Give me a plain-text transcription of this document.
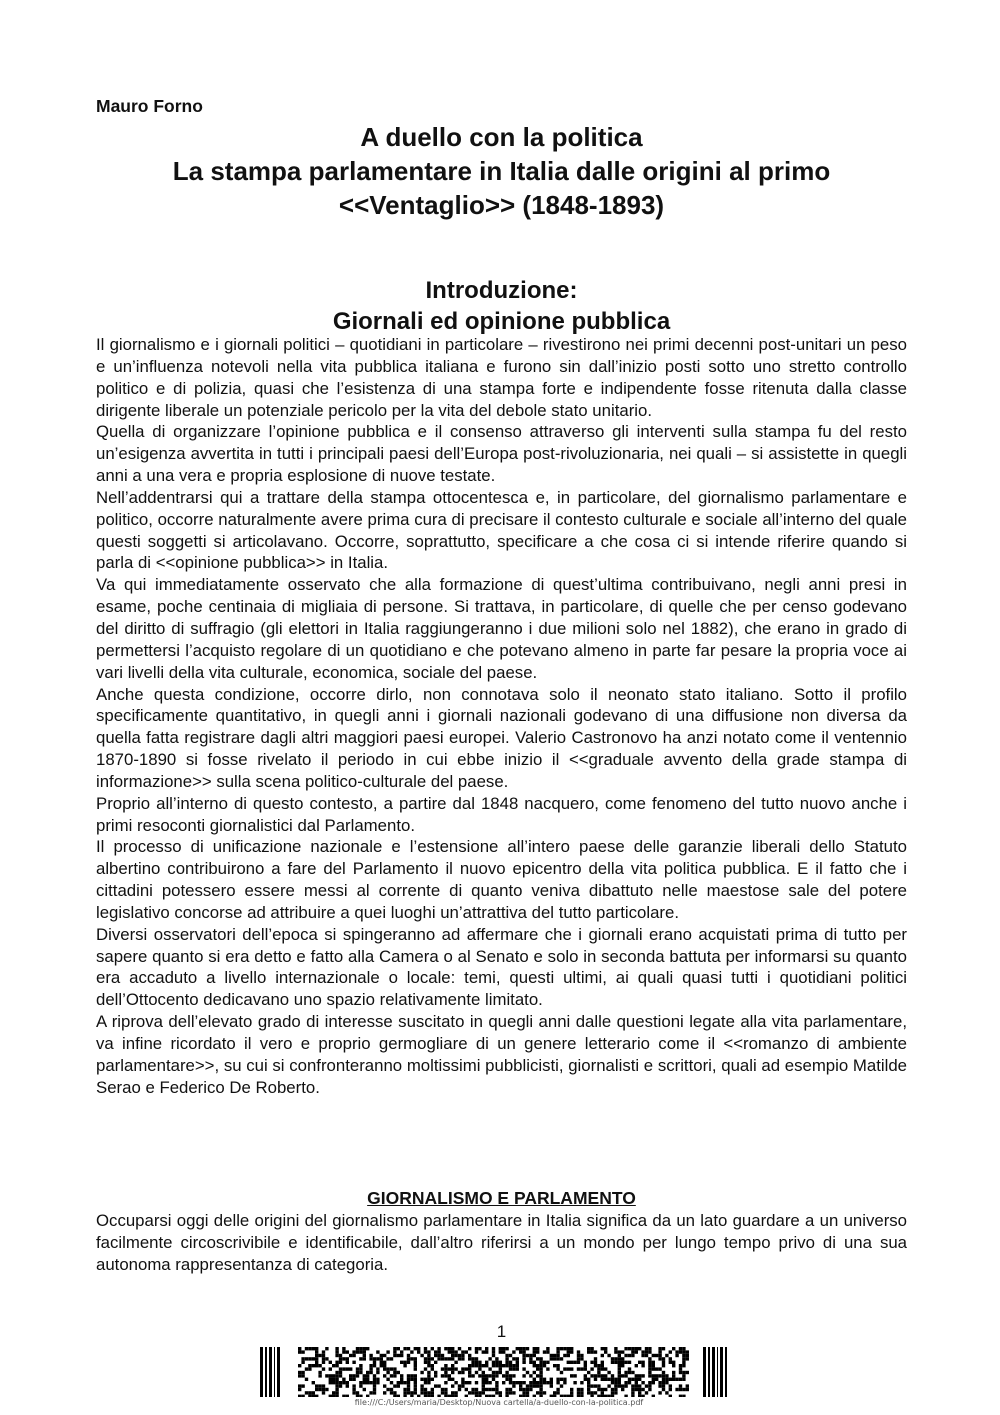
Mauro Forno

A duello con la politica
La stampa parlamentare in Italia dalle origini al primo
<<Ventaglio>> (1848-1893)
Introduzione:
Giornali ed opinione pubblica

Il giornalismo e i giornali politici – quotidiani in particolare – rivestirono nei primi decenni post-unitari un peso e un’influenza notevoli nella vita pubblica italiana e furono sin dall’inizio posti sotto uno stretto controllo politico e di polizia, quasi che l’esistenza di una stampa forte e indipendente fosse ritenuta dalla classe dirigente liberale un potenziale pericolo per la vita del debole stato unitario.

Quella di organizzare l’opinione pubblica e il consenso attraverso gli interventi sulla stampa fu del resto un’esigenza avvertita in tutti i principali paesi dell’Europa post-rivoluzionaria, nei quali – si assistette in quegli anni a una vera e propria esplosione di nuove testate.

Nell’addentrarsi qui a trattare della stampa ottocentesca e, in particolare, del giornalismo parlamentare e politico, occorre naturalmente avere prima cura di precisare il contesto culturale e sociale all’interno del quale questi soggetti si articolavano. Occorre, soprattutto, specificare a che cosa ci si intende riferire quando si parla di <<opinione pubblica>> in Italia.

Va qui immediatamente osservato che alla formazione di quest’ultima contribuivano, negli anni presi in esame, poche centinaia di migliaia di persone. Si trattava, in particolare, di quelle che per censo godevano del diritto di suffragio (gli elettori in Italia raggiungeranno i due milioni solo nel 1882), che erano in grado di permettersi l’acquisto regolare di un quotidiano e che potevano almeno in parte far pesare la propria voce ai vari livelli della vita culturale, economica, sociale del paese.

Anche questa condizione, occorre dirlo, non connotava solo il neonato stato italiano. Sotto il profilo specificamente quantitativo, in quegli anni i giornali nazionali godevano di una diffusione non diversa da quella fatta registrare dagli altri maggiori paesi europei. Valerio Castronovo ha anzi notato come il ventennio 1870-1890 si fosse rivelato il periodo in cui ebbe inizio il <<graduale avvento della grade stampa di informazione>> sulla scena politico-culturale del paese.

Proprio all’interno di questo contesto, a partire dal 1848 nacquero, come fenomeno del tutto nuovo anche i primi resoconti giornalistici dal Parlamento.

Il processo di unificazione nazionale e l’estensione all’intero paese delle garanzie liberali dello Statuto albertino contribuirono a fare del Parlamento il nuovo epicentro della vita politica pubblica. E il fatto che i cittadini potessero essere messi al corrente di quanto veniva dibattuto nelle maestose sale del potere legislativo concorse ad attribuire a quei luoghi un’attrattiva del tutto particolare.

Diversi osservatori dell’epoca si spingeranno ad affermare che i giornali erano acquistati prima di tutto per sapere quanto si era detto e fatto alla Camera o al Senato e solo in seconda battuta per informarsi su quanto era accaduto a livello internazionale o locale: temi, questi ultimi, ai quali quasi tutti i quotidiani politici dell’Ottocento dedicavano uno spazio relativamente limitato.

A riprova dell’elevato grado di interesse suscitato in quegli anni dalle questioni legate alla vita parlamentare, va infine ricordato il vero e proprio germogliare di un genere letterario come il <<romanzo di ambiente parlamentare>>, su cui si confronteranno moltissimi pubblicisti, giornalisti e scrittori, quali ad esempio Matilde Serao e Federico De Roberto.

GIORNALISMO E PARLAMENTO

Occuparsi oggi delle origini del giornalismo parlamentare in Italia significa da un lato guardare a un universo facilmente circoscrivibile e identificabile, dall’altro riferirsi a un mondo per lungo tempo privo di una sua autonoma rappresentanza di categoria.

1
file:///C:/Users/maria/Desktop/Nuova cartella/a-duello-con-la-politica.pdf
